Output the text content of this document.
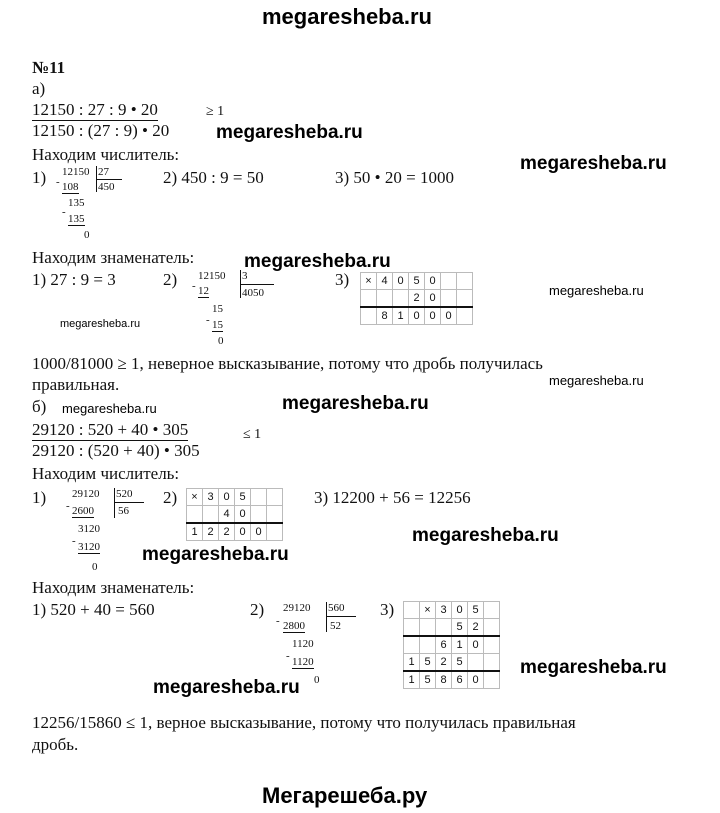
megaresheba.ru
Мегарешеба.ру
megaresheba.ru
megaresheba.ru
megaresheba.ru
megaresheba.ru
megaresheba.ru
megaresheba.ru
megaresheba.ru	megaresheba.ru
megaresheba.ru
megaresheba.ru
megaresheba.ru
megaresheba.ru
№11
а)
12150 : 27 : 9 • 20
12150 : (27 : 9) • 20
≥ 1
Находим числитель:
1) 12150 27
450
- 108
135
-
135
0
2) 450 : 9 = 50	3) 50 • 20 = 1000
Находим знаменатель:
1) 27 : 9 = 3	2) 12150 3
4050
- 12
15
- 15
0
3) ×	4	0	5	0		
			2	0		
	8	1	0	0	0	
1000/81000 ≥ 1, неверное высказывание, потому что дробь получилась
правильная.
б)
29120 : 520 + 40 • 305
29120 : (520 + 40) • 305
≤ 1
Находим числитель:
1) 29120 520
56
- 2600
3120
- 3120
0
2) ×	3	0	5		
		4	0		
1	2	2	0	0	
3) 12200 + 56 = 12256
Находим знаменатель:
1) 520 + 40 = 560	2) 29120 560
52
- 2800
1120
- 1120
0
3)
		×	3	0	5	
			5	2	
		6	1	0	
1	5	2	5		
1	5	8	6	0	
12256/15860 ≤ 1, верное высказывание, потому что получилась правильная
дробь.
